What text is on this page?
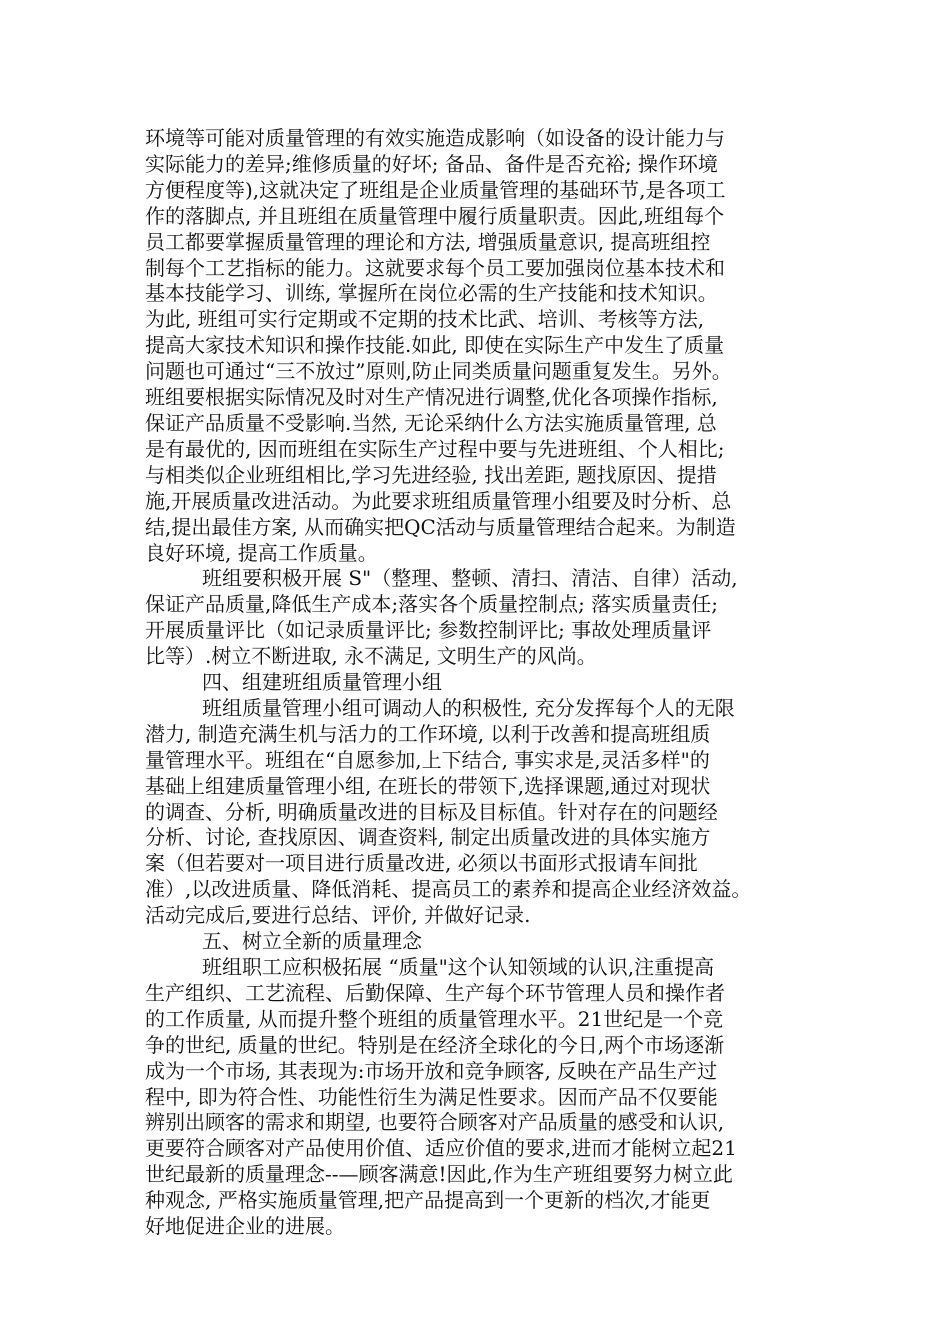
环境等可能对质量管理的有效实施造成影响（如设备的设计能力与
实际能力的差异;维修质量的好坏; 备品、备件是否充裕; 操作环境
方便程度等),这就决定了班组是企业质量管理的基础环节,是各项工
作的落脚点, 并且班组在质量管理中履行质量职责。因此,班组每个
员工都要掌握质量管理的理论和方法, 增强质量意识, 提高班组控
制每个工艺指标的能力。这就要求每个员工要加强岗位基本技术和
基本技能学习、训练, 掌握所在岗位必需的生产技能和技术知识。
为此, 班组可实行定期或不定期的技术比武、培训、考核等方法,
提高大家技术知识和操作技能.如此, 即使在实际生产中发生了质量
问题也可通过“三不放过”原则,防止同类质量问题重复发生。另外。
班组要根据实际情况及时对生产情况进行调整,优化各项操作指标,
保证产品质量不受影响.当然, 无论采纳什么方法实施质量管理, 总
是有最优的, 因而班组在实际生产过程中要与先进班组、个人相比;
与相类似企业班组相比,学习先进经验, 找出差距, 题找原因、提措
施,开展质量改进活动。为此要求班组质量管理小组要及时分析、总
结,提出最佳方案, 从而确实把QC活动与质量管理结合起来。为制造
良好环境, 提高工作质量。
班组要积极开展 S"（整理、整顿、清扫、清洁、自律）活动,
保证产品质量,降低生产成本;落实各个质量控制点; 落实质量责任;
开展质量评比（如记录质量评比; 参数控制评比; 事故处理质量评
比等）.树立不断进取, 永不满足, 文明生产的风尚。
四、组建班组质量管理小组
班组质量管理小组可调动人的积极性, 充分发挥每个人的无限
潜力, 制造充满生机与活力的工作环境, 以利于改善和提高班组质
量管理水平。班组在“自愿参加,上下结合, 事实求是,灵活多样"的
基础上组建质量管理小组, 在班长的带领下,选择课题,通过对现状
的调查、分析, 明确质量改进的目标及目标值。针对存在的问题经
分析、讨论, 查找原因、调查资料, 制定出质量改进的具体实施方
案（但若要对一项目进行质量改进, 必须以书面形式报请车间批
准）,以改进质量、降低消耗、提高员工的素养和提高企业经济效益。
活动完成后,要进行总结、评价, 并做好记录.
五、树立全新的质量理念
班组职工应积极拓展 “质量"这个认知领域的认识,注重提高
生产组织、工艺流程、后勤保障、生产每个环节管理人员和操作者
的工作质量, 从而提升整个班组的质量管理水平。21世纪是一个竞
争的世纪, 质量的世纪。特别是在经济全球化的今日,两个市场逐渐
成为一个市场, 其表现为:市场开放和竞争顾客, 反映在产品生产过
程中, 即为符合性、功能性衍生为满足性要求。因而产品不仅要能
辨别出顾客的需求和期望, 也要符合顾客对产品质量的感受和认识,
更要符合顾客对产品使用价值、适应价值的要求,进而才能树立起21
世纪最新的质量理念--—顾客满意!因此,作为生产班组要努力树立此
种观念, 严格实施质量管理,把产品提高到一个更新的档次,才能更
好地促进企业的进展。
